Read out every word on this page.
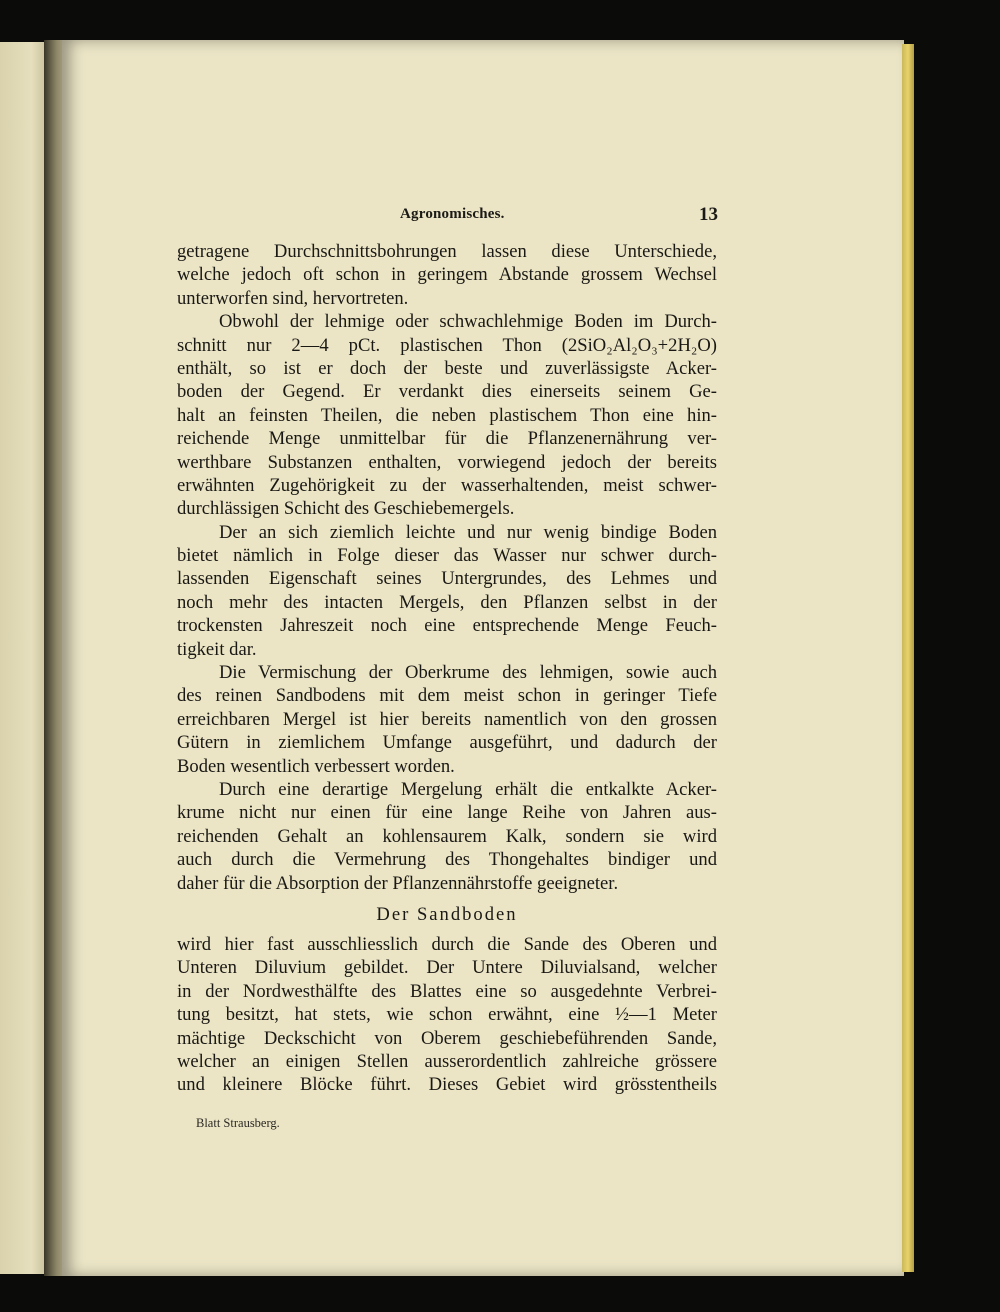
Agronomisches.	13
getragene Durchschnittsbohrungen lassen diese Unterschiede,
welche jedoch oft schon in geringem Abstande grossem Wechsel
unterworfen sind, hervortreten.
Obwohl der lehmige oder schwachlehmige Boden im Durch-
schnitt nur 2—4 pCt. plastischen Thon (2SiO₂Al₂O₃+2H₂O)
enthält, so ist er doch der beste und zuverlässigste Acker-
boden der Gegend. Er verdankt dies einerseits seinem Ge-
halt an feinsten Theilen, die neben plastischem Thon eine hin-
reichende Menge unmittelbar für die Pflanzenernährung ver-
werthbare Substanzen enthalten, vorwiegend jedoch der bereits
erwähnten Zugehörigkeit zu der wasserhaltenden, meist schwer-
durchlässigen Schicht des Geschiebemergels.
Der an sich ziemlich leichte und nur wenig bindige Boden
bietet nämlich in Folge dieser das Wasser nur schwer durch-
lassenden Eigenschaft seines Untergrundes, des Lehmes und
noch mehr des intacten Mergels, den Pflanzen selbst in der
trockensten Jahreszeit noch eine entsprechende Menge Feuch-
tigkeit dar.
Die Vermischung der Oberkrume des lehmigen, sowie auch
des reinen Sandbodens mit dem meist schon in geringer Tiefe
erreichbaren Mergel ist hier bereits namentlich von den grossen
Gütern in ziemlichem Umfange ausgeführt, und dadurch der
Boden wesentlich verbessert worden.
Durch eine derartige Mergelung erhält die entkalkte Acker-
krume nicht nur einen für eine lange Reihe von Jahren aus-
reichenden Gehalt an kohlensaurem Kalk, sondern sie wird
auch durch die Vermehrung des Thongehaltes bindiger und
daher für die Absorption der Pflanzennährstoffe geeigneter.
Der Sandboden
wird hier fast ausschliesslich durch die Sande des Oberen und
Unteren Diluvium gebildet. Der Untere Diluvialsand, welcher
in der Nordwesthälfte des Blattes eine so ausgedehnte Verbrei-
tung besitzt, hat stets, wie schon erwähnt, eine ½—1 Meter
mächtige Deckschicht von Oberem geschiebeführenden Sande,
welcher an einigen Stellen ausserordentlich zahlreiche grössere
und kleinere Blöcke führt. Dieses Gebiet wird grösstentheils
Blatt Strausberg.
